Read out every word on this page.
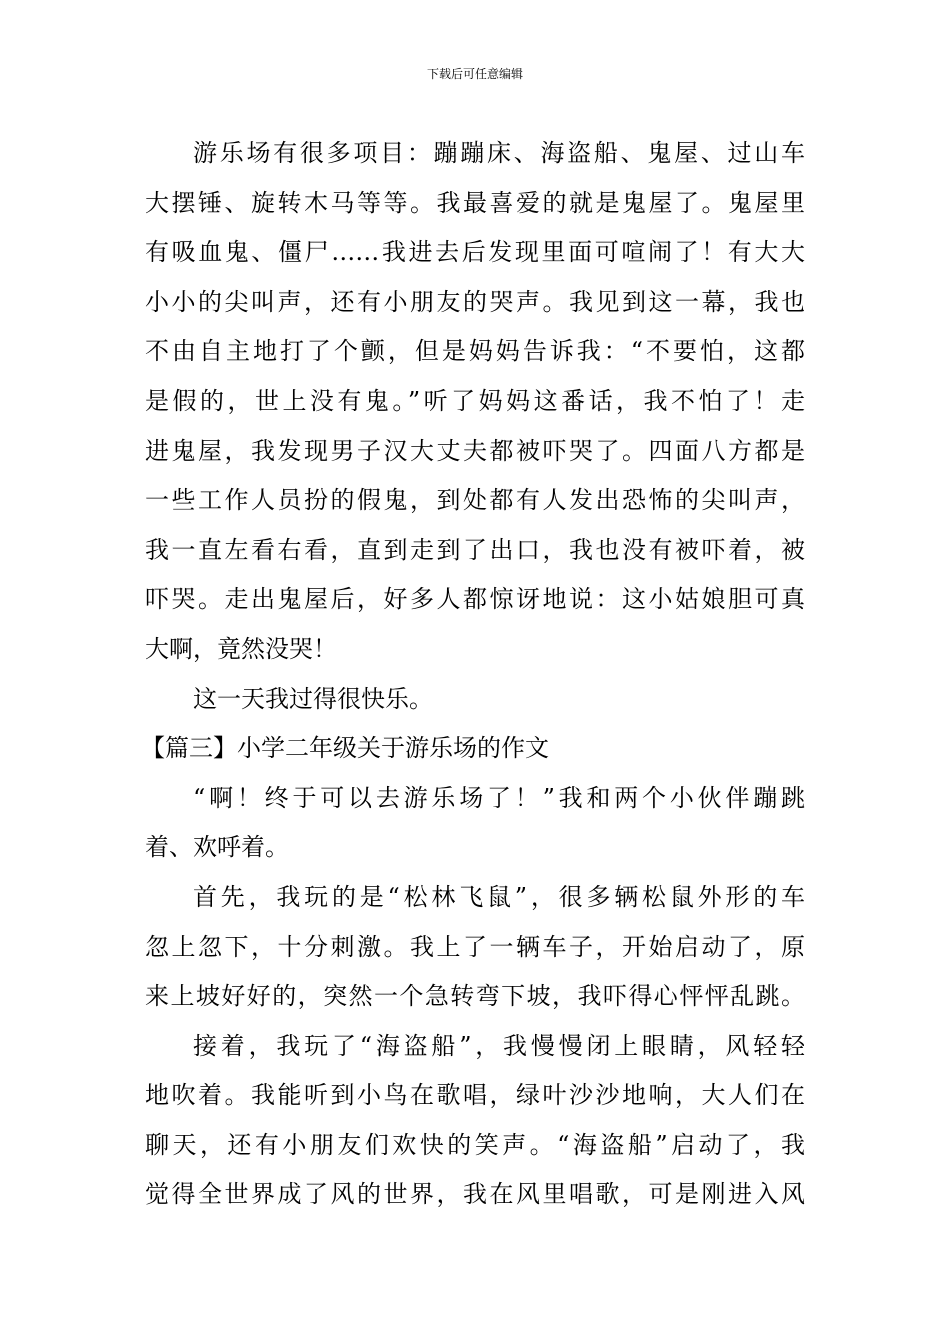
下载后可任意编辑
游乐场有很多项目：蹦蹦床、海盗船、鬼屋、过山车
大摆锤、旋转木马等等。我最喜爱的就是鬼屋了。鬼屋里
有吸血鬼、僵尸……我进去后发现里面可喧闹了！有大大
小小的尖叫声，还有小朋友的哭声。我见到这一幕，我也
不由自主地打了个颤，但是妈妈告诉我：“不要怕，这都
是假的，世上没有鬼。”听了妈妈这番话，我不怕了！走
进鬼屋，我发现男子汉大丈夫都被吓哭了。四面八方都是
一些工作人员扮的假鬼，到处都有人发出恐怖的尖叫声，
我一直左看右看，直到走到了出口，我也没有被吓着，被
吓哭。走出鬼屋后，好多人都惊讶地说：这小姑娘胆可真
大啊，竟然没哭！
这一天我过得很快乐。
【篇三】小学二年级关于游乐场的作文
“啊！终于可以去游乐场了！”我和两个小伙伴蹦跳
着、欢呼着。
首先，我玩的是“松林飞鼠”，很多辆松鼠外形的车
忽上忽下，十分刺激。我上了一辆车子，开始启动了，原
来上坡好好的，突然一个急转弯下坡，我吓得心怦怦乱跳。
接着，我玩了“海盗船”，我慢慢闭上眼睛，风轻轻
地吹着。我能听到小鸟在歌唱，绿叶沙沙地响，大人们在
聊天，还有小朋友们欢快的笑声。“海盗船”启动了，我
觉得全世界成了风的世界，我在风里唱歌，可是刚进入风
